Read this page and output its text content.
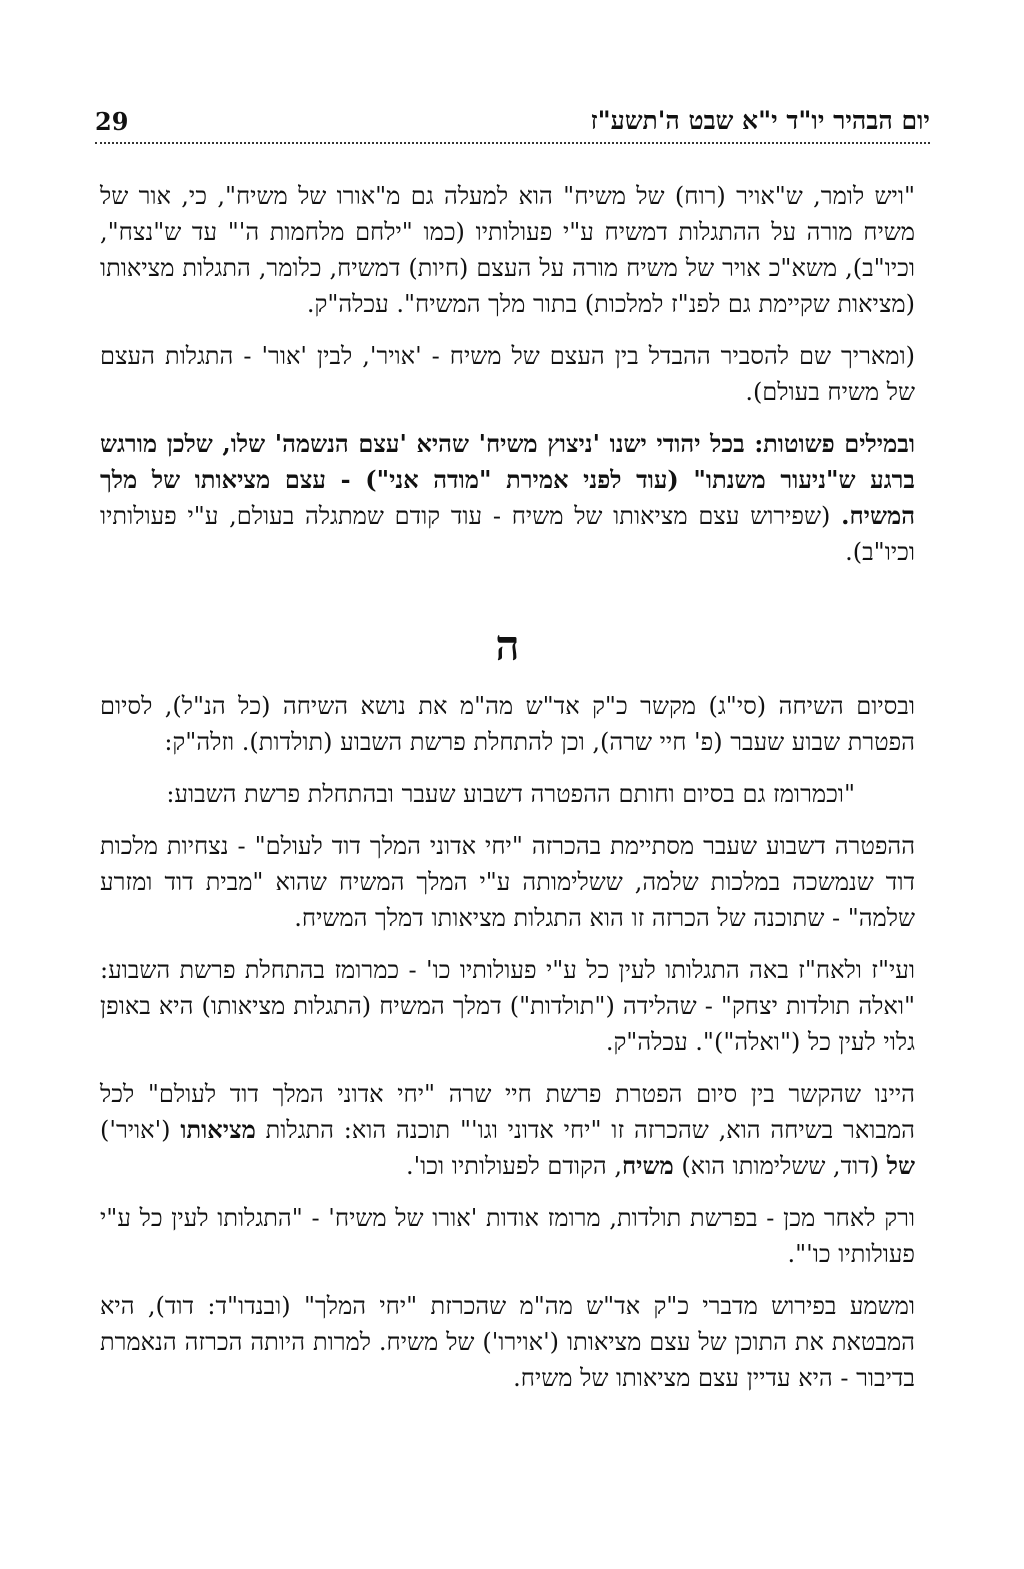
יום הבהיר יו"ד י"א שבט ה'תשע"ז
29

"ויש לומר, ש"אויר (רוח) של משיח" הוא למעלה גם מ"אורו של משיח", כי, אור של משיח מורה על ההתגלות דמשיח ע"י פעולותיו (כמו "ילחם מלחמות ה'" עד ש"נצח", וכיו"ב), משא"כ אויר של משיח מורה על העצם (חיות) דמשיח, כלומר, התגלות מציאותו (מציאות שקיימת גם לפנ"ז למלכות) בתור מלך המשיח". עכלה"ק.

(ומאריך שם להסביר ההבדל בין העצם של משיח - 'אויר', לבין 'אור' - התגלות העצם של משיח בעולם).

ובמילים פשוטות: בכל יהודי ישנו 'ניצוץ משיח' שהיא 'עצם הנשמה' שלו, שלכן מורגש ברגע ש"ניעור משנתו" (עוד לפני אמירת "מודה אני") - עצם מציאותו של מלך המשיח. (שפירוש עצם מציאותו של משיח - עוד קודם שמתגלה בעולם, ע"י פעולותיו וכיו"ב).

ה

ובסיום השיחה (סי"ג) מקשר כ"ק אד"ש מה"מ את נושא השיחה (כל הנ"ל), לסיום הפטרת שבוע שעבר (פ' חיי שרה), וכן להתחלת פרשת השבוע (תולדות). וזלה"ק:

"וכמרומז גם בסיום וחותם ההפטרה דשבוע שעבר ובהתחלת פרשת השבוע:

ההפטרה דשבוע שעבר מסתיימת בהכרזה "יחי אדוני המלך דוד לעולם" - נצחיות מלכות דוד שנמשכה במלכות שלמה, ששלימותה ע"י המלך המשיח שהוא "מבית דוד ומזרע שלמה" - שתוכנה של הכרזה זו הוא התגלות מציאותו דמלך המשיח.

ועי"ז ולאח"ז באה התגלותו לעין כל ע"י פעולותיו כו' - כמרומז בהתחלת פרשת השבוע: "ואלה תולדות יצחק" - שהלידה ("תולדות") דמלך המשיח (התגלות מציאותו) היא באופן גלוי לעין כל ("ואלה")". עכלה"ק.

היינו שהקשר בין סיום הפטרת פרשת חיי שרה "יחי אדוני המלך דוד לעולם" לכל המבואר בשיחה הוא, שהכרזה זו "יחי אדוני וגו'" תוכנה הוא: התגלות מציאותו ('אויר') של (דוד, ששלימותו הוא) משיח, הקודם לפעולותיו וכו'.

ורק לאחר מכן - בפרשת תולדות, מרומז אודות 'אורו של משיח' - "התגלותו לעין כל ע"י פעולותיו כו'".

ומשמע בפירוש מדברי כ"ק אד"ש מה"מ שהכרזת "יחי המלך" (ובנדו"ד: דוד), היא המבטאת את התוכן של עצם מציאותו ('אוירו') של משיח. למרות היותה הכרזה הנאמרת בדיבור - היא עדיין עצם מציאותו של משיח.
